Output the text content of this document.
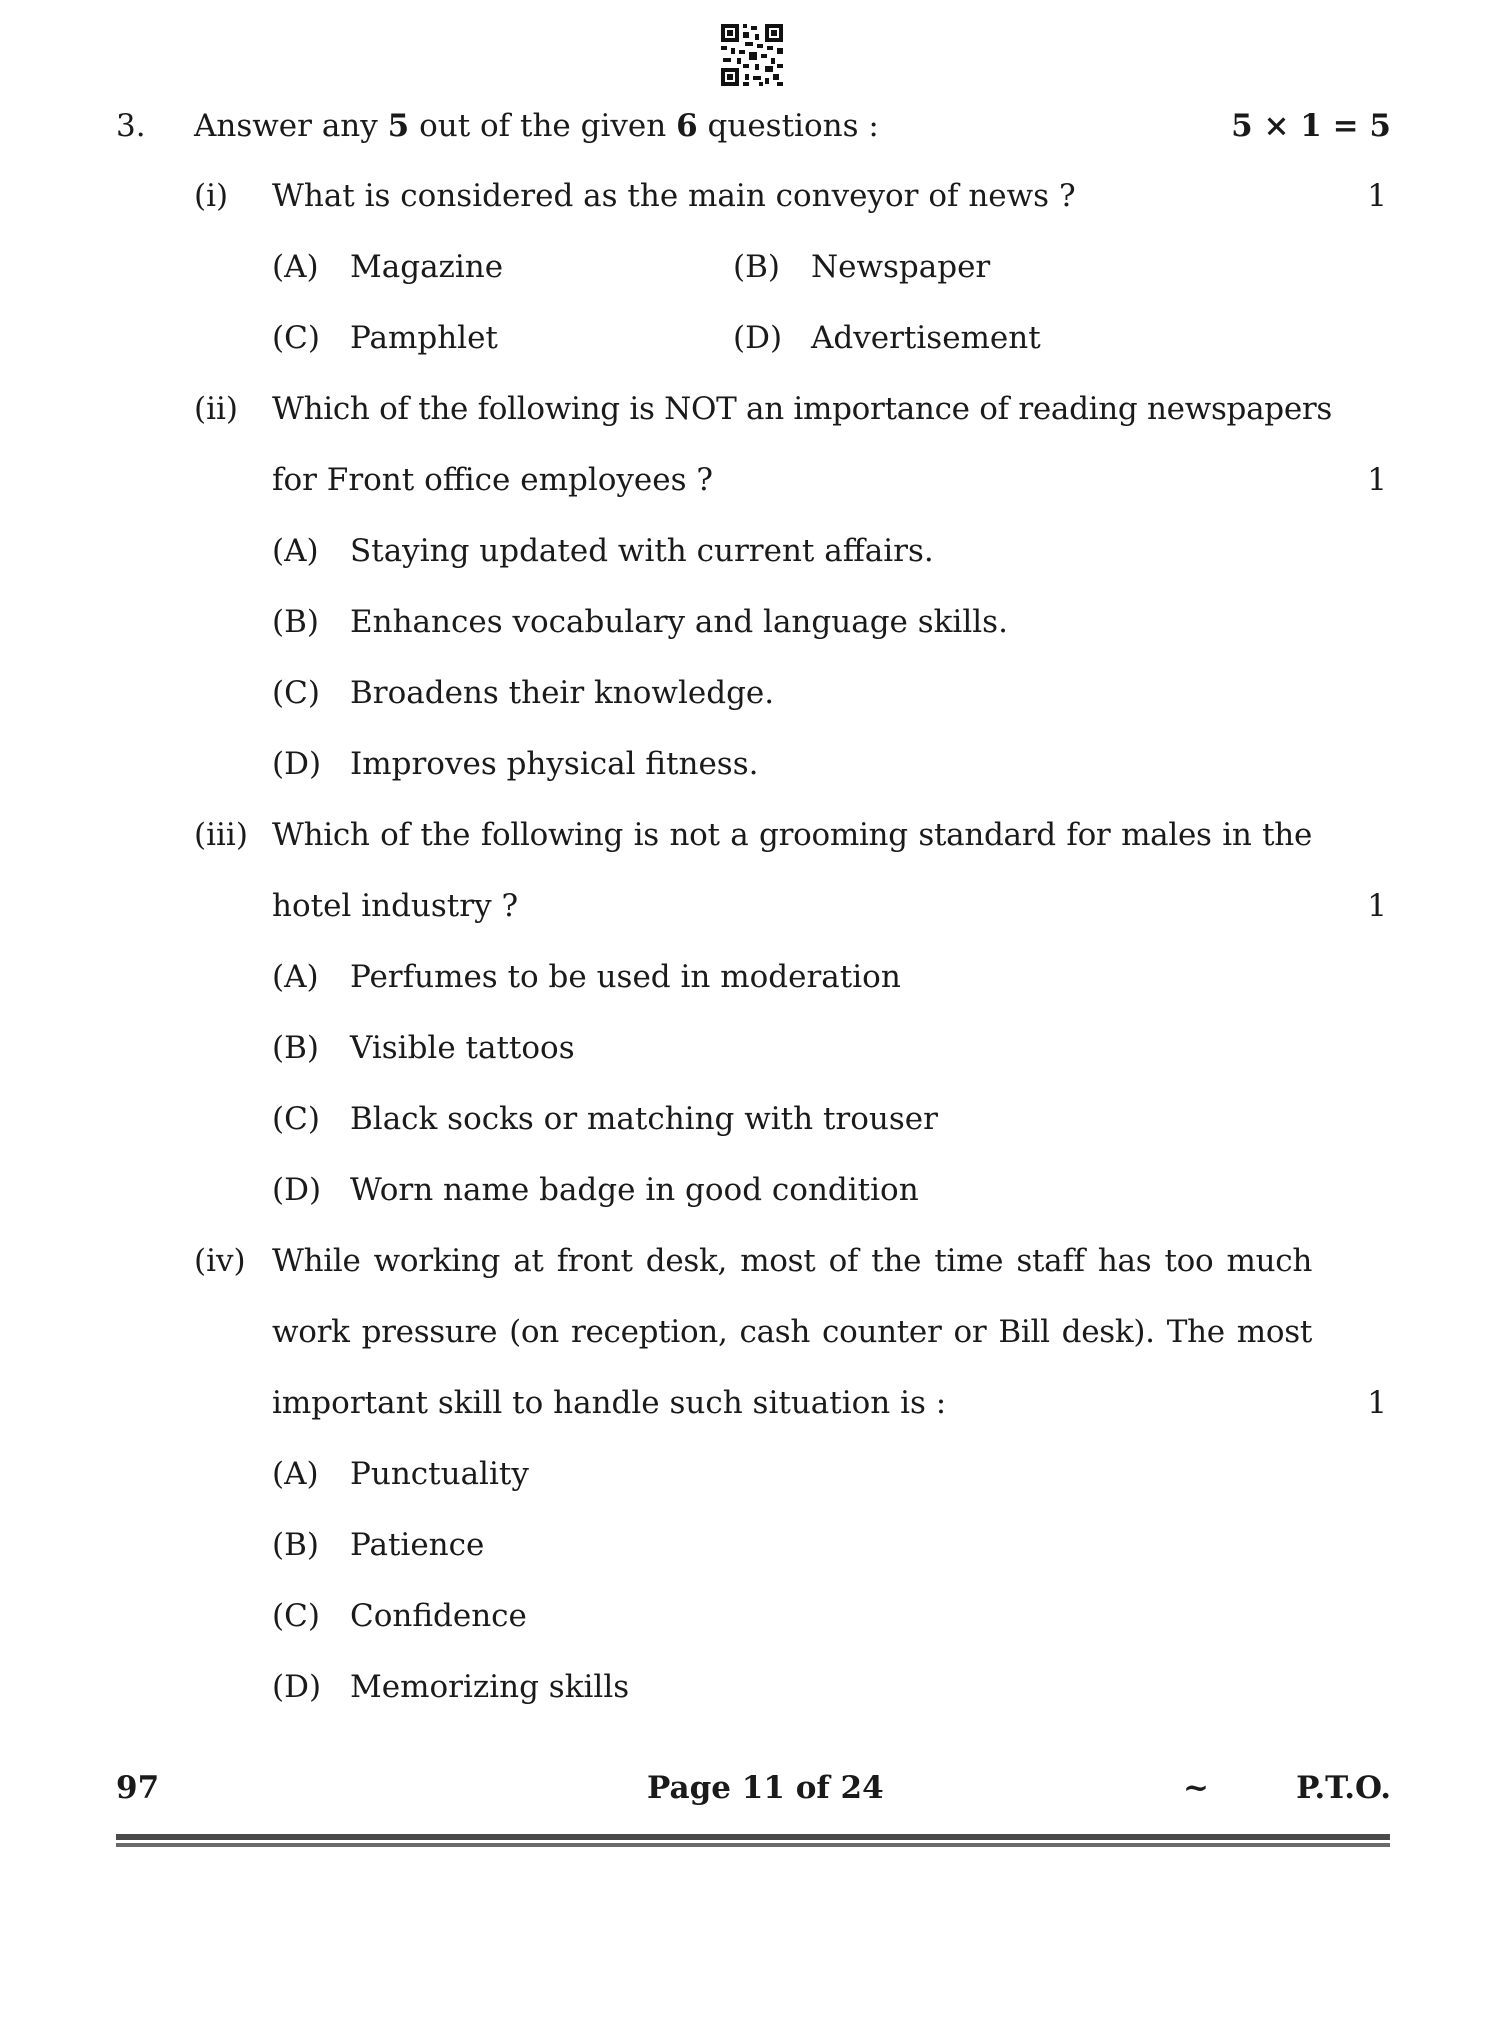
3. Answer any 5 out of the given 6 questions :	5 × 1 = 5
(i) What is considered as the main conveyor of news ?	1
(A) Magazine	(B) Newspaper
(C) Pamphlet	(D) Advertisement
(ii) Which of the following is NOT an importance of reading newspapers
for Front office employees ?	1
(A) Staying updated with current affairs.
(B) Enhances vocabulary and language skills.
(C) Broadens their knowledge.
(D) Improves physical fitness.
(iii) Which of the following is not a grooming standard for males in the
hotel industry ?	1
(A) Perfumes to be used in moderation
(B) Visible tattoos
(C) Black socks or matching with trouser
(D) Worn name badge in good condition
(iv) While working at front desk, most of the time staff has too much
work pressure (on reception, cash counter or Bill desk). The most
important skill to handle such situation is :	1
(A) Punctuality
(B) Patience
(C) Confidence
(D) Memorizing skills
97	Page 11 of 24	~	P.T.O.
